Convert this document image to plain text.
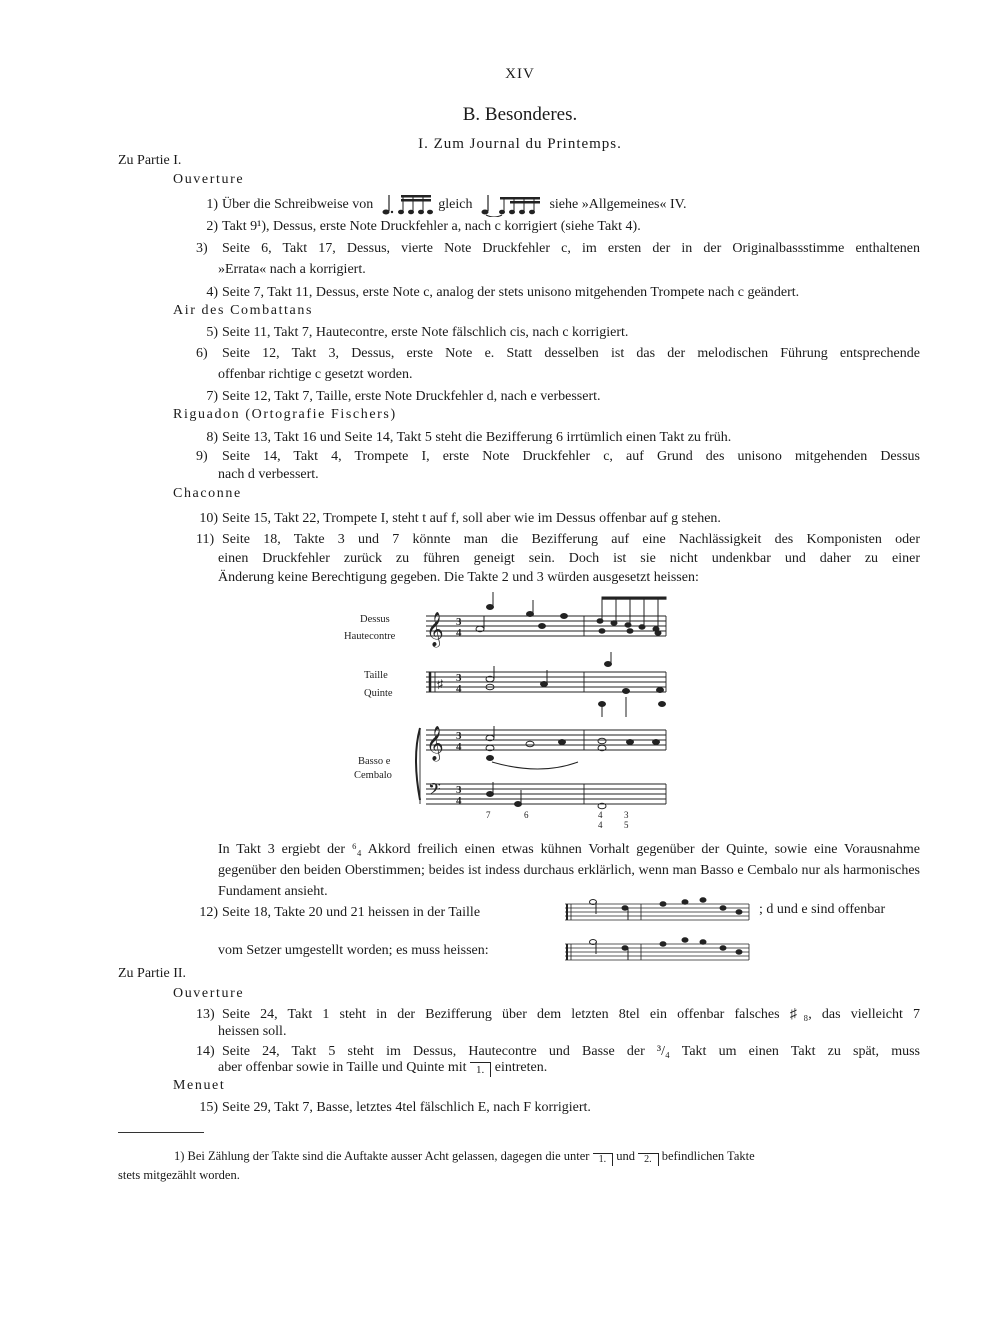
XIV
B. Besonderes.
I. Zum Journal du Printemps.
Zu Partie I.
Ouverture
1) Über die Schreibweise von	gleich	siehe »Allgemeines« IV.
2) Takt 9¹), Dessus, erste Note Druckfehler a, nach c korrigiert (siehe Takt 4).
3) Seite 6, Takt 17, Dessus, vierte Note Druckfehler c, im ersten der in der Originalbassstimme enthaltenen
»Errata« nach a korrigiert.
4) Seite 7, Takt 11, Dessus, erste Note c, analog der stets unisono mitgehenden Trompete nach c geändert.
Air des Combattans
5) Seite 11, Takt 7, Hautecontre, erste Note fälschlich cis, nach c korrigiert.
6) Seite 12, Takt 3, Dessus, erste Note e. Statt desselben ist das der melodischen Führung entsprechende
offenbar richtige c gesetzt worden.
7) Seite 12, Takt 7, Taille, erste Note Druckfehler d, nach e verbessert.
Riguadon (Ortografie Fischers)
8) Seite 13, Takt 16 und Seite 14, Takt 5 steht die Bezifferung 6 irrtümlich einen Takt zu früh.
9) Seite 14, Takt 4, Trompete I, erste Note Druckfehler c, auf Grund des unisono mitgehenden Dessus
nach d verbessert.
Chaconne
10) Seite 15, Takt 22, Trompete I, steht t auf f, soll aber wie im Dessus offenbar auf g stehen.
11) Seite 18, Takte 3 und 7 könnte man die Bezifferung auf eine Nachlässigkeit des Komponisten oder
einen Druckfehler zurück zu führen geneigt sein. Doch ist sie nicht undenkbar und daher zu einer
Änderung keine Berechtigung gegeben. Die Takte 2 und 3 würden ausgesetzt heissen:
Dessus
Hautecontre
Taille
Quinte
Basso e
Cembalo
𝄞 3
4
♯ 3
4
𝄞 3
4
𝄢 3
4
7	6	4 3
4 5
In Takt 3 ergiebt der ⁶₄ Akkord freilich einen etwas kühnen Vorhalt gegenüber der Quinte, sowie eine Vorausnahme gegenüber den beiden Oberstimmen; beides ist indess durchaus erklärlich, wenn man Basso e Cembalo nur als harmonisches Fundament ansieht.
12) Seite 18, Takte 20 und 21 heissen in der Taille	; d und e sind offenbar
vom Setzer umgestellt worden; es muss heissen:
Zu Partie II.
Ouverture
13) Seite 24, Takt 1 steht in der Bezifferung über dem letzten 8tel ein offenbar falsches ♯₈, das vielleicht 7
heissen soll.
14) Seite 24, Takt 5 steht im Dessus, Hautecontre und Basse der ³/₄ Takt um einen Takt zu spät, muss
aber offenbar sowie in Taille und Quinte mit 1. eintreten.
Menuet
15) Seite 29, Takt 7, Basse, letztes 4tel fälschlich E, nach F korrigiert.
1) Bei Zählung der Takte sind die Auftakte ausser Acht gelassen, dagegen die unter 1. und 2. befindlichen Takte
stets mitgezählt worden.
